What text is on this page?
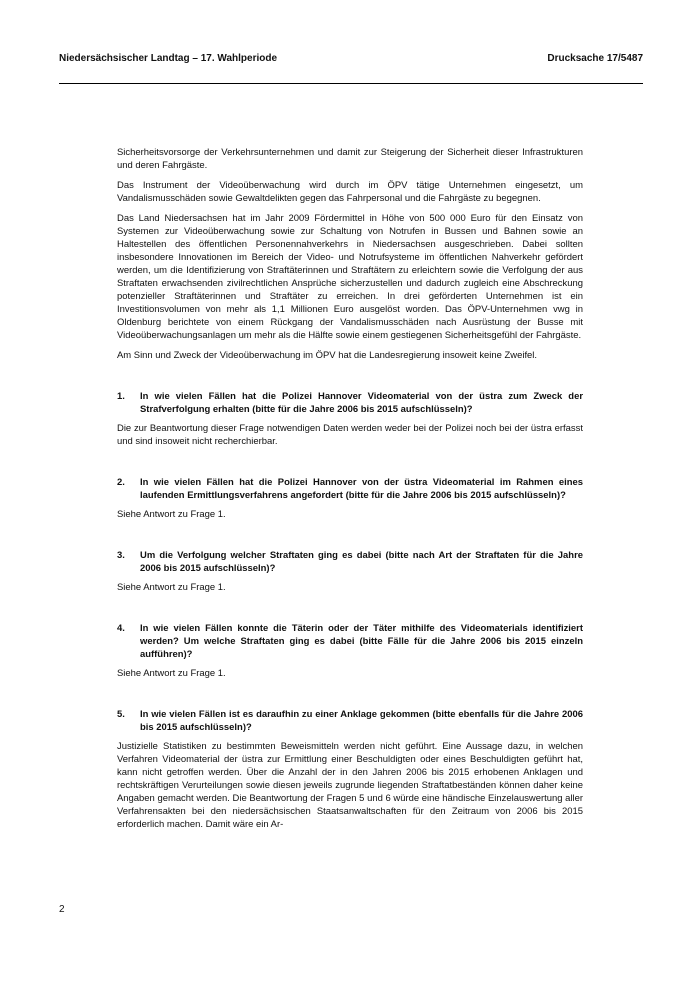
Niedersächsischer Landtag – 17. Wahlperiode	Drucksache 17/5487

Sicherheitsvorsorge der Verkehrsunternehmen und damit zur Steigerung der Sicherheit dieser Infrastrukturen und deren Fahrgäste.

Das Instrument der Videoüberwachung wird durch im ÖPV tätige Unternehmen eingesetzt, um Vandalismusschäden sowie Gewaltdelikten gegen das Fahrpersonal und die Fahrgäste zu begegnen.

Das Land Niedersachsen hat im Jahr 2009 Fördermittel in Höhe von 500 000 Euro für den Einsatz von Systemen zur Videoüberwachung sowie zur Schaltung von Notrufen in Bussen und Bahnen sowie an Haltestellen des öffentlichen Personennahverkehrs in Niedersachsen ausgeschrieben. Dabei sollten insbesondere Innovationen im Bereich der Video- und Notrufsysteme im öffentlichen Nahverkehr gefördert werden, um die Identifizierung von Straftäterinnen und Straftätern zu erleichtern sowie die Verfolgung der aus Straftaten erwachsenden zivilrechtlichen Ansprüche sicherzustellen und dadurch zugleich eine Abschreckung potenzieller Straftäterinnen und Straftäter zu erreichen. In drei geförderten Unternehmen ist ein Investitionsvolumen von mehr als 1,1 Millionen Euro ausgelöst worden. Das ÖPV-Unternehmen vwg in Oldenburg berichtete von einem Rückgang der Vandalismusschäden nach Ausrüstung der Busse mit Videoüberwachungsanlagen um mehr als die Hälfte sowie einem gestiegenen Sicherheitsgefühl der Fahrgäste.

Am Sinn und Zweck der Videoüberwachung im ÖPV hat die Landesregierung insoweit keine Zweifel.

1.	In wie vielen Fällen hat die Polizei Hannover Videomaterial von der üstra zum Zweck der Strafverfolgung erhalten (bitte für die Jahre 2006 bis 2015 aufschlüsseln)?

Die zur Beantwortung dieser Frage notwendigen Daten werden weder bei der Polizei noch bei der üstra erfasst und sind insoweit nicht recherchierbar.

2.	In wie vielen Fällen hat die Polizei Hannover von der üstra Videomaterial im Rahmen eines laufenden Ermittlungsverfahrens angefordert (bitte für die Jahre 2006 bis 2015 aufschlüsseln)?

Siehe Antwort zu Frage 1.

3.	Um die Verfolgung welcher Straftaten ging es dabei (bitte nach Art der Straftaten für die Jahre 2006 bis 2015 aufschlüsseln)?

Siehe Antwort zu Frage 1.

4.	In wie vielen Fällen konnte die Täterin oder der Täter mithilfe des Videomaterials identifiziert werden? Um welche Straftaten ging es dabei (bitte Fälle für die Jahre 2006 bis 2015 einzeln aufführen)?

Siehe Antwort zu Frage 1.

5.	In wie vielen Fällen ist es daraufhin zu einer Anklage gekommen (bitte ebenfalls für die Jahre 2006 bis 2015 aufschlüsseln)?

Justizielle Statistiken zu bestimmten Beweismitteln werden nicht geführt. Eine Aussage dazu, in welchen Verfahren Videomaterial der üstra zur Ermittlung einer Beschuldigten oder eines Beschuldigten geführt hat, kann nicht getroffen werden. Über die Anzahl der in den Jahren 2006 bis 2015 erhobenen Anklagen und rechtskräftigen Verurteilungen sowie diesen jeweils zugrunde liegenden Straftatbeständen können daher keine Angaben gemacht werden. Die Beantwortung der Fragen 5 und 6 würde eine händische Einzelauswertung aller Verfahrensakten bei den niedersächsischen Staatsanwaltschaften für den Zeitraum von 2006 bis 2015 erforderlich machen. Damit wäre ein Ar-

2
